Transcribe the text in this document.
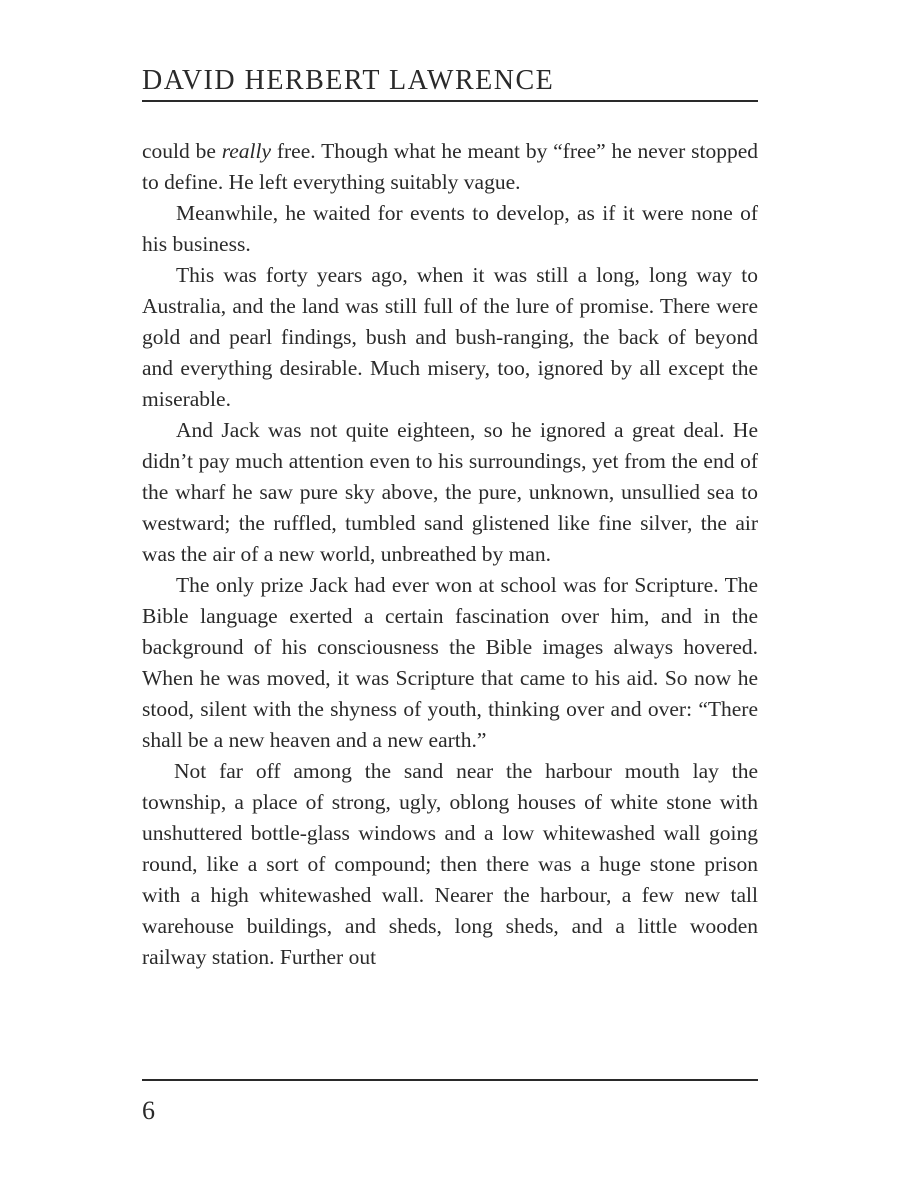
DAVID HERBERT LAWRENCE

could be really free. Though what he meant by “free” he never stopped to define. He left everything suitably vague.

Meanwhile, he waited for events to develop, as if it were none of his business.

This was forty years ago, when it was still a long, long way to Australia, and the land was still full of the lure of promise. There were gold and pearl findings, bush and bush-ranging, the back of beyond and everything desirable. Much misery, too, ignored by all except the miserable.

And Jack was not quite eighteen, so he ignored a great deal. He didn’t pay much attention even to his surroundings, yet from the end of the wharf he saw pure sky above, the pure, unknown, unsullied sea to westward; the ruffled, tumbled sand glistened like fine silver, the air was the air of a new world, unbreathed by man.

The only prize Jack had ever won at school was for Scripture. The Bible language exerted a certain fascination over him, and in the background of his consciousness the Bible images always hovered. When he was moved, it was Scripture that came to his aid. So now he stood, silent with the shyness of youth, thinking over and over: “There shall be a new heaven and a new earth.”

Not far off among the sand near the harbour mouth lay the township, a place of strong, ugly, oblong houses of white stone with unshuttered bottle-glass windows and a low whitewashed wall going round, like a sort of compound; then there was a huge stone prison with a high whitewashed wall. Nearer the harbour, a few new tall warehouse buildings, and sheds, long sheds, and a little wooden railway station. Further out

6
